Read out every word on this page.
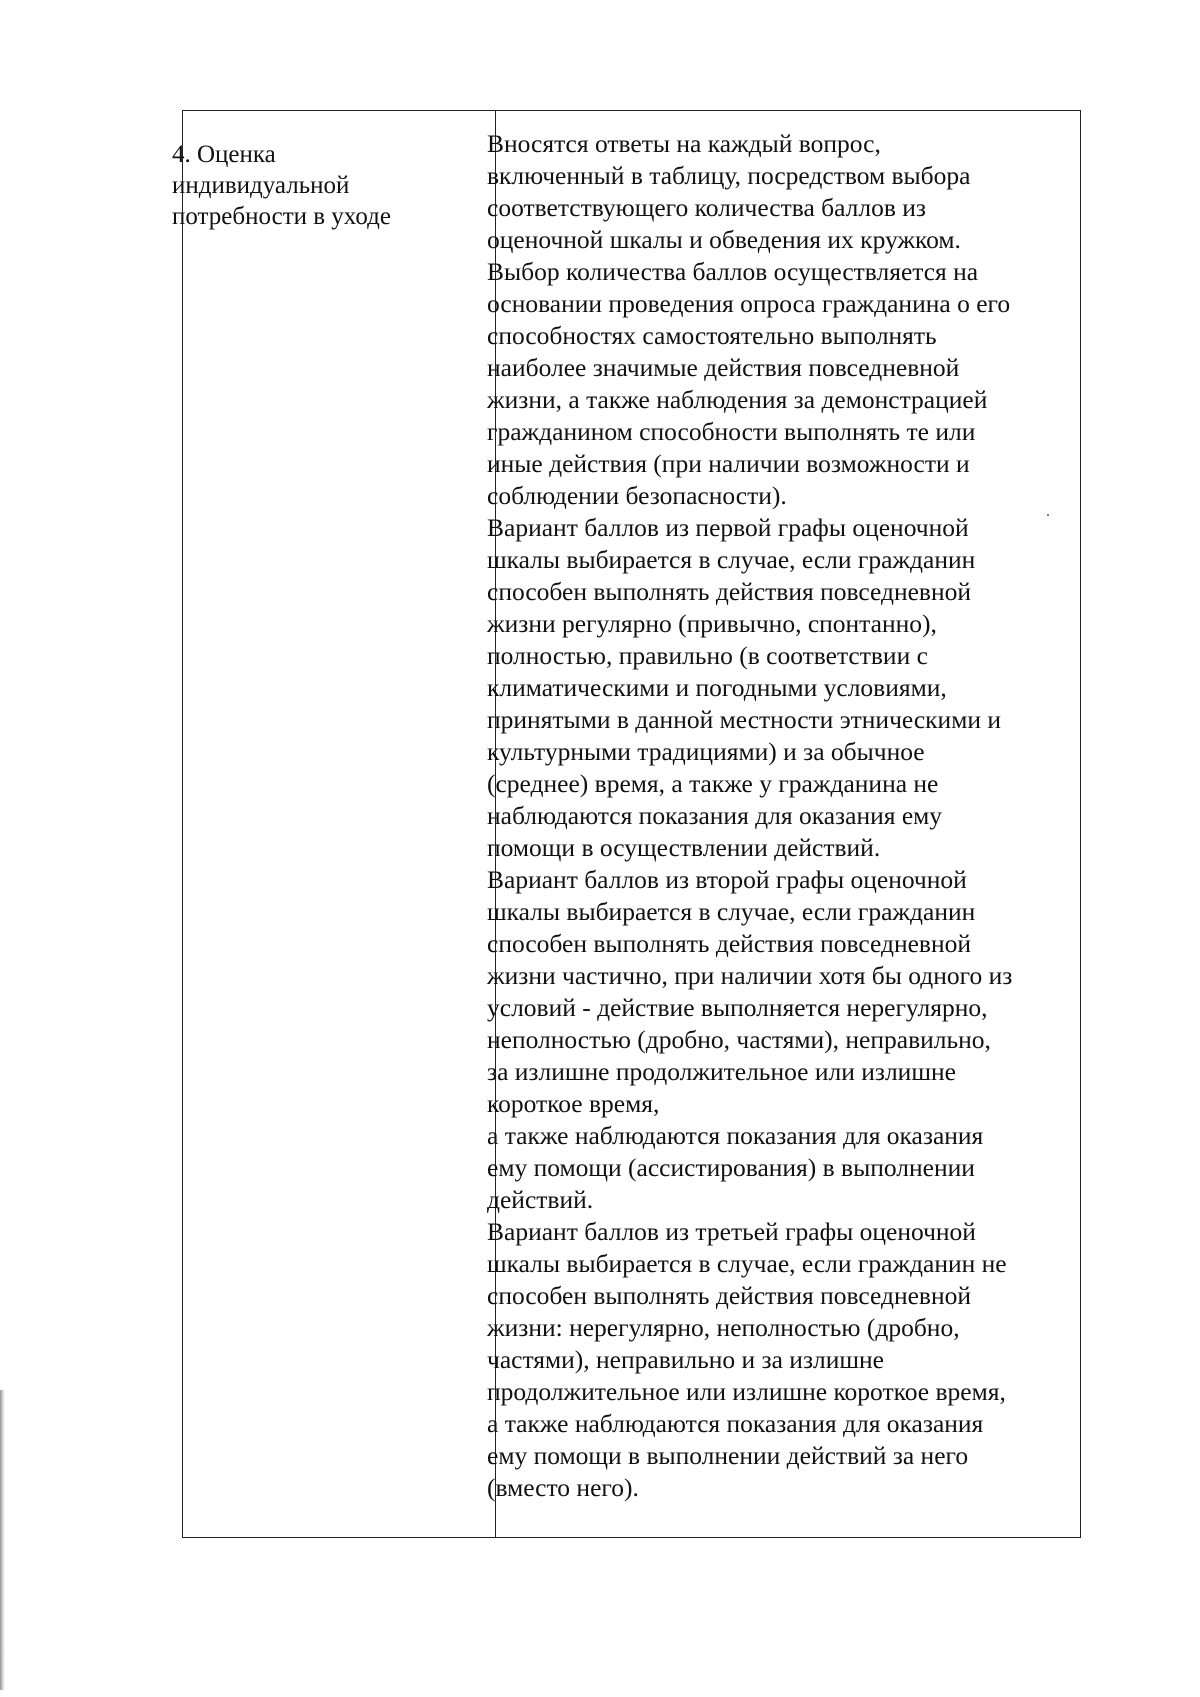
4. Оценка
индивидуальной
потребности в уходе
Вносятся ответы на каждый вопрос,
включенный в таблицу, посредством выбора
соответствующего количества баллов из
оценочной шкалы и обведения их кружком.
Выбор количества баллов осуществляется на
основании проведения опроса гражданина о его
способностях самостоятельно выполнять
наиболее значимые действия повседневной
жизни, а также наблюдения за демонстрацией
гражданином способности выполнять те или
иные действия (при наличии возможности и
соблюдении безопасности).
Вариант баллов из первой графы оценочной
шкалы выбирается в случае, если гражданин
способен выполнять действия повседневной
жизни регулярно (привычно, спонтанно),
полностью, правильно (в соответствии с
климатическими и погодными условиями,
принятыми в данной местности этническими и
культурными традициями) и за обычное
(среднее) время, а также у гражданина не
наблюдаются показания для оказания ему
помощи в осуществлении действий.
Вариант баллов из второй графы оценочной
шкалы выбирается в случае, если гражданин
способен выполнять действия повседневной
жизни частично, при наличии хотя бы одного из
условий - действие выполняется нерегулярно,
неполностью (дробно, частями), неправильно,
за излишне продолжительное или излишне
короткое время,
а также наблюдаются показания для оказания
ему помощи (ассистирования) в выполнении
действий.
Вариант баллов из третьей графы оценочной
шкалы выбирается в случае, если гражданин не
способен выполнять действия повседневной
жизни: нерегулярно, неполностью (дробно,
частями), неправильно и за излишне
продолжительное или излишне короткое время,
а также наблюдаются показания для оказания
ему помощи в выполнении действий за него
(вместо него).
